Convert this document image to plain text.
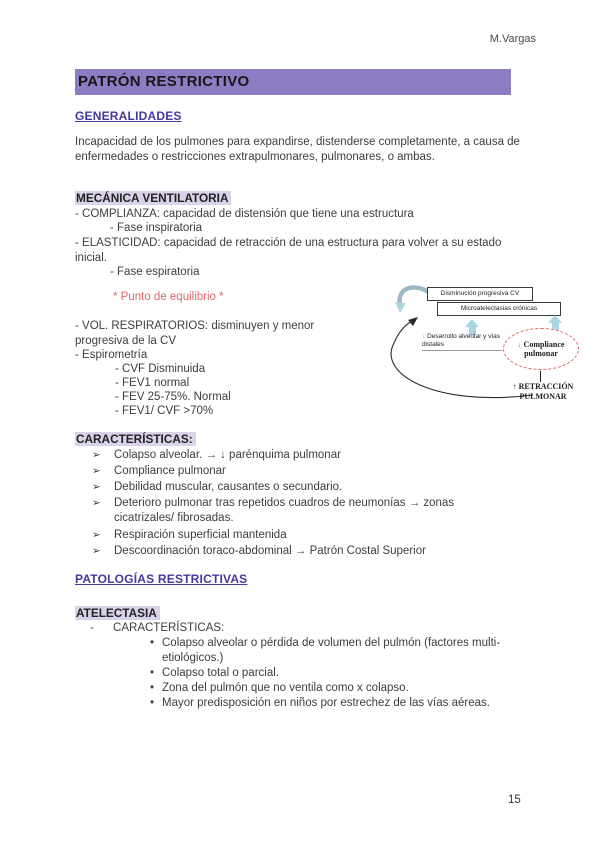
M.Vargas
PATRÓN RESTRICTIVO
GENERALIDADES
Incapacidad de los pulmones para expandirse, distenderse completamente, a causa de enfermedades o restricciones extrapulmonares, pulmonares, o ambas.
MECÁNICA VENTILATORIA
- COMPLIANZA: capacidad de distensión que tiene una estructura
- Fase inspiratoria
- ELASTICIDAD: capacidad de retracción de una estructura para volver a su estado inicial.
- Fase espiratoria
* Punto de equilibrio *
- VOL. RESPIRATORIOS: disminuyen y menor progresiva de la CV
- Espirometría
- CVF Disminuida
- FEV1 normal
- FEV 25-75%. Normal
- FEV1/ CVF >70%
Disminución progresiva CV
Microatelectasias crónicas
↓ Desarrollo alveolar y vías distales	↓ Compliance
pulmonar
↑ RETRACCIÓN
PULMONAR
CARACTERÍSTICAS:
➢	Colapso alveolar. → ↓ parénquima pulmonar
➢	Compliance pulmonar
➢	Debilidad muscular, causantes o secundario.
➢	Deterioro pulmonar tras repetidos cuadros de neumonías → zonas cicatrizales/ fibrosadas.
➢	Respiración superficial mantenida
➢	Descoordinación toraco-abdominal → Patrón Costal Superior
PATOLOGÍAS RESTRICTIVAS
ATELECTASIA
- CARACTERÍSTICAS:
• Colapso alveolar o pérdida de volumen del pulmón (factores multi-etiológicos.)
• Colapso total o parcial.
• Zona del pulmón que no ventila como x colapso.
• Mayor predisposición en niños por estrechez de las vías aéreas.
15
